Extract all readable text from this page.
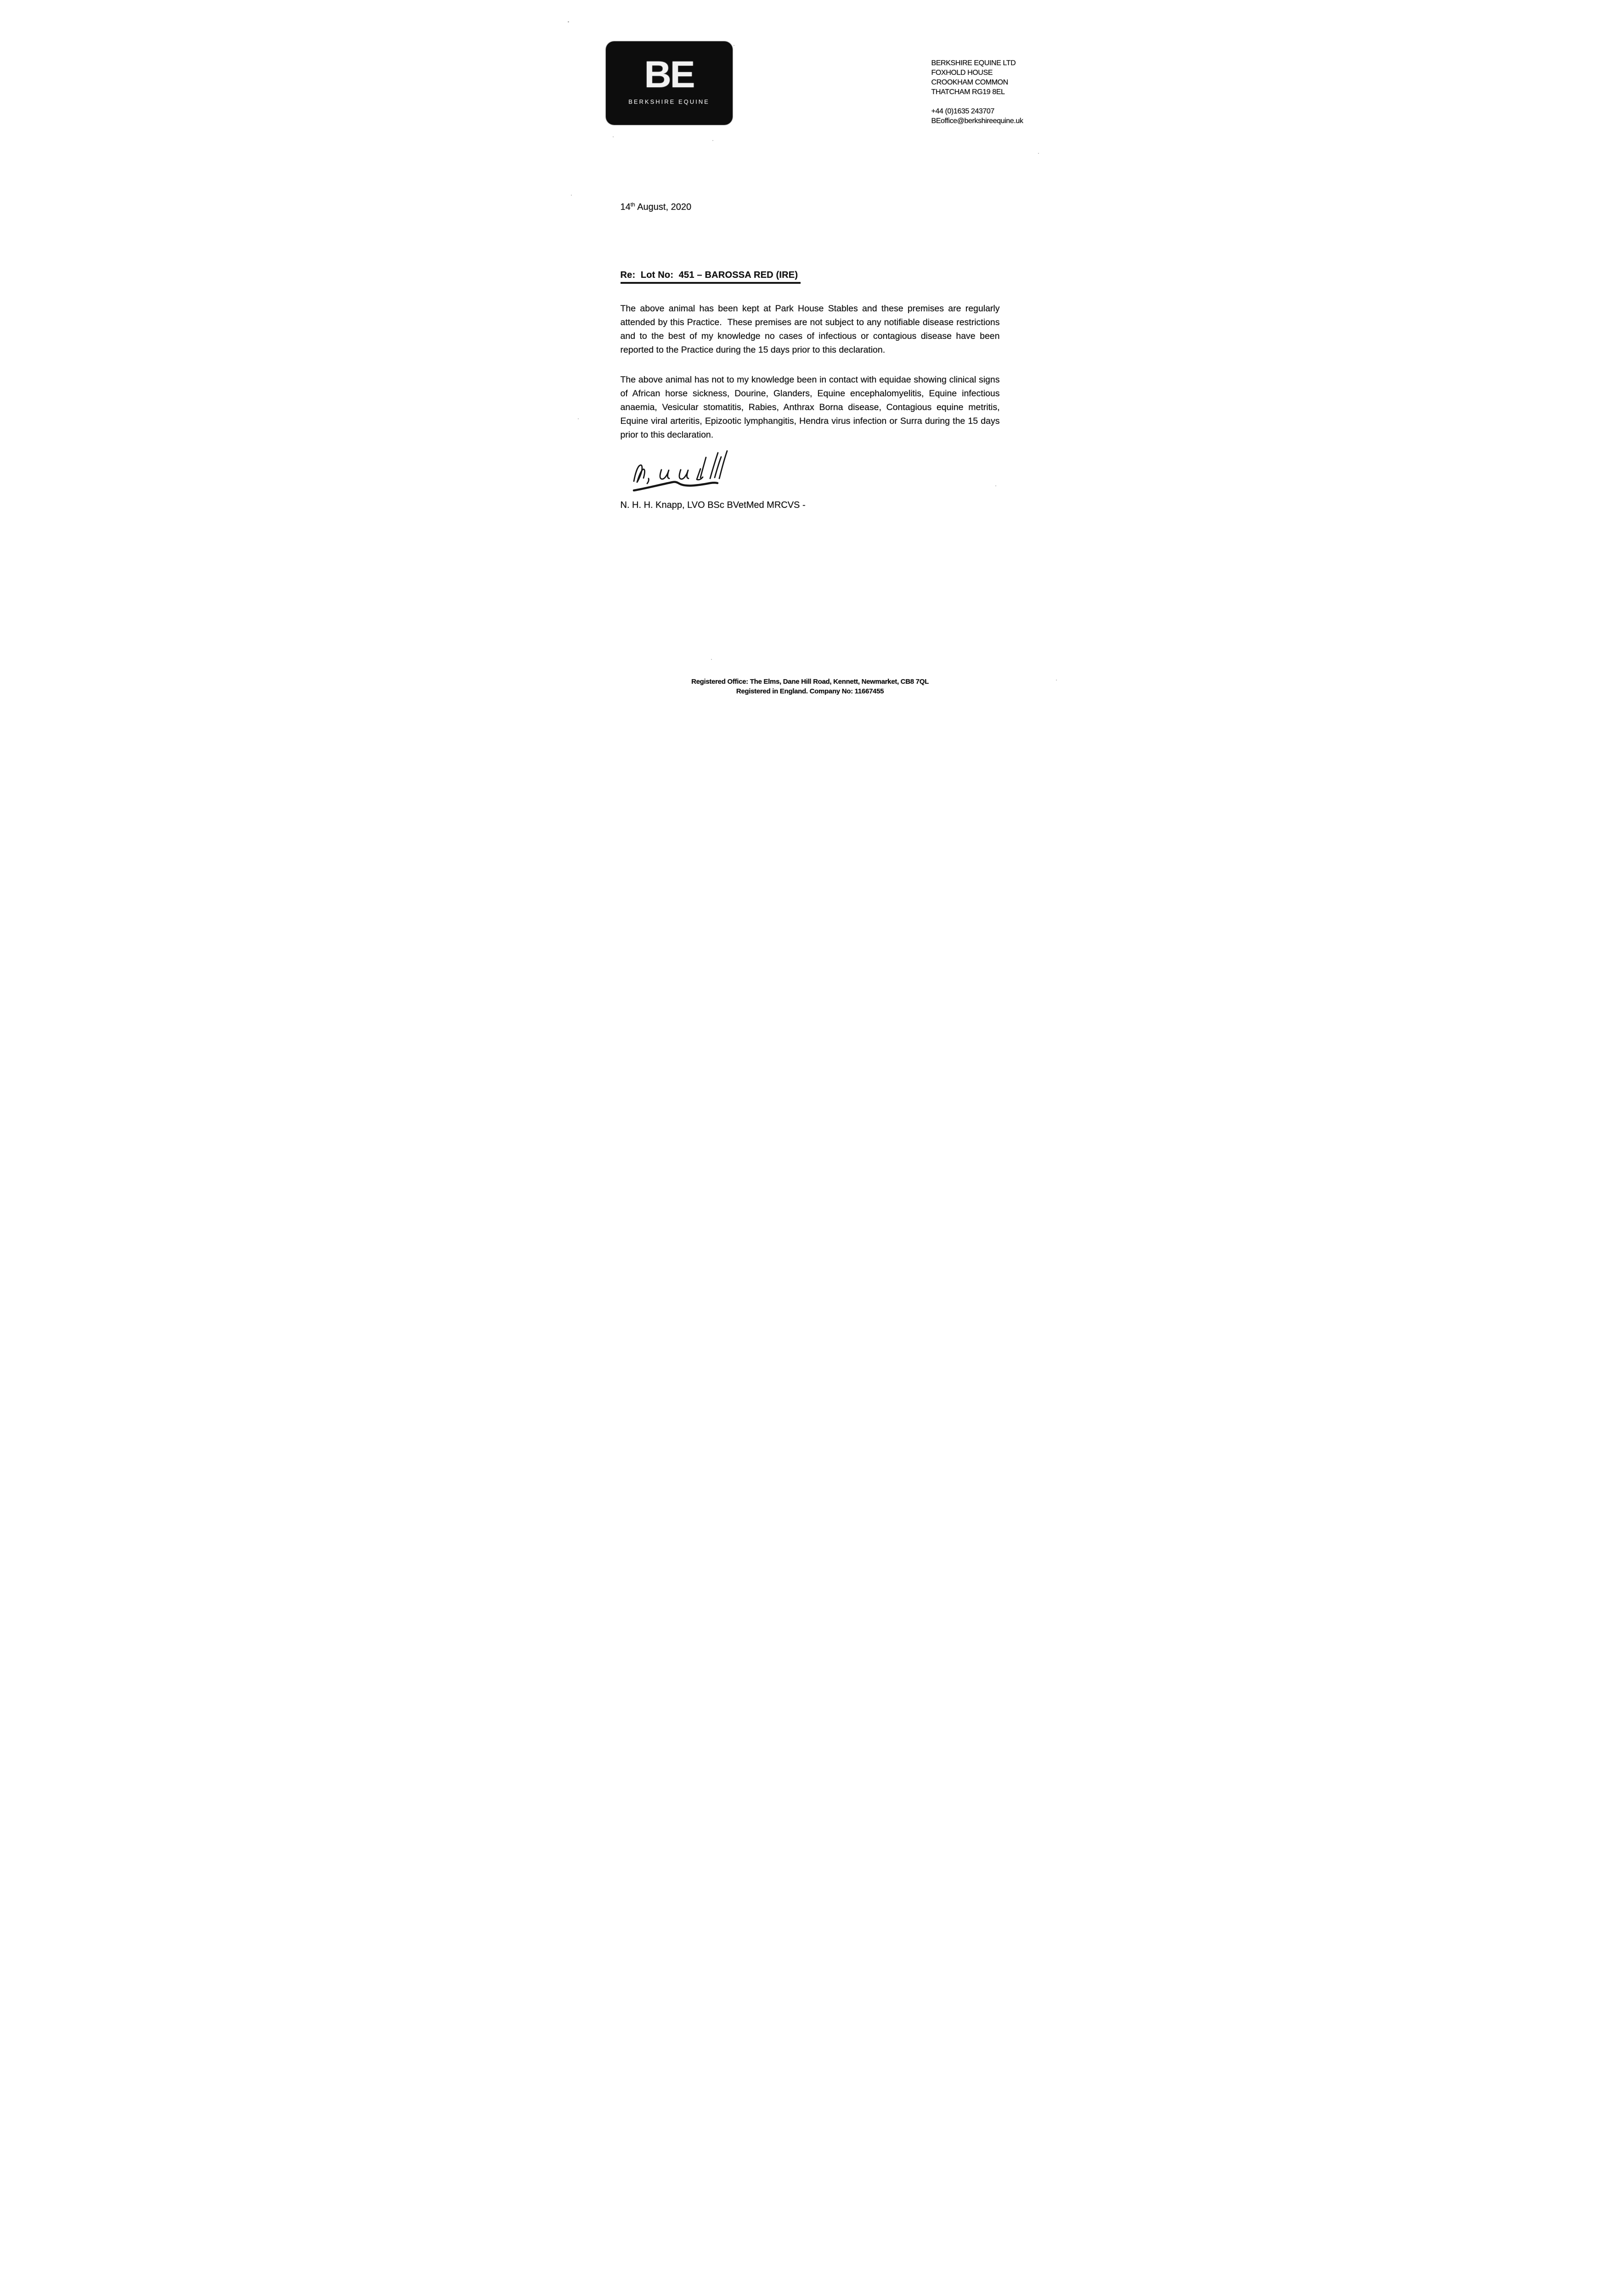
BE
BERKSHIRE EQUINE
BERKSHIRE EQUINE LTD
FOXHOLD HOUSE
CROOKHAM COMMON
THATCHAM RG19 8EL
+44 (0)1635 243707
BEoffice@berkshireequine.uk
14th August, 2020
Re:  Lot No:  451 – BAROSSA RED (IRE)
The above animal has been kept at Park House Stables and these premises are regularly attended by this Practice.  These premises are not subject to any notifiable disease restrictions and to the best of my knowledge no cases of infectious or contagious disease have been reported to the Practice during the 15 days prior to this declaration.
The above animal has not to my knowledge been in contact with equidae showing clinical signs of African horse sickness, Dourine, Glanders, Equine encephalomyelitis, Equine infectious anaemia, Vesicular stomatitis, Rabies, Anthrax Borna disease, Contagious equine metritis, Equine viral arteritis, Epizootic lymphangitis, Hendra virus infection or Surra during the 15 days prior to this declaration.
N. H. H. Knapp, LVO BSc BVetMed MRCVS -
Registered Office: The Elms, Dane Hill Road, Kennett, Newmarket, CB8 7QL
Registered in England. Company No: 11667455
